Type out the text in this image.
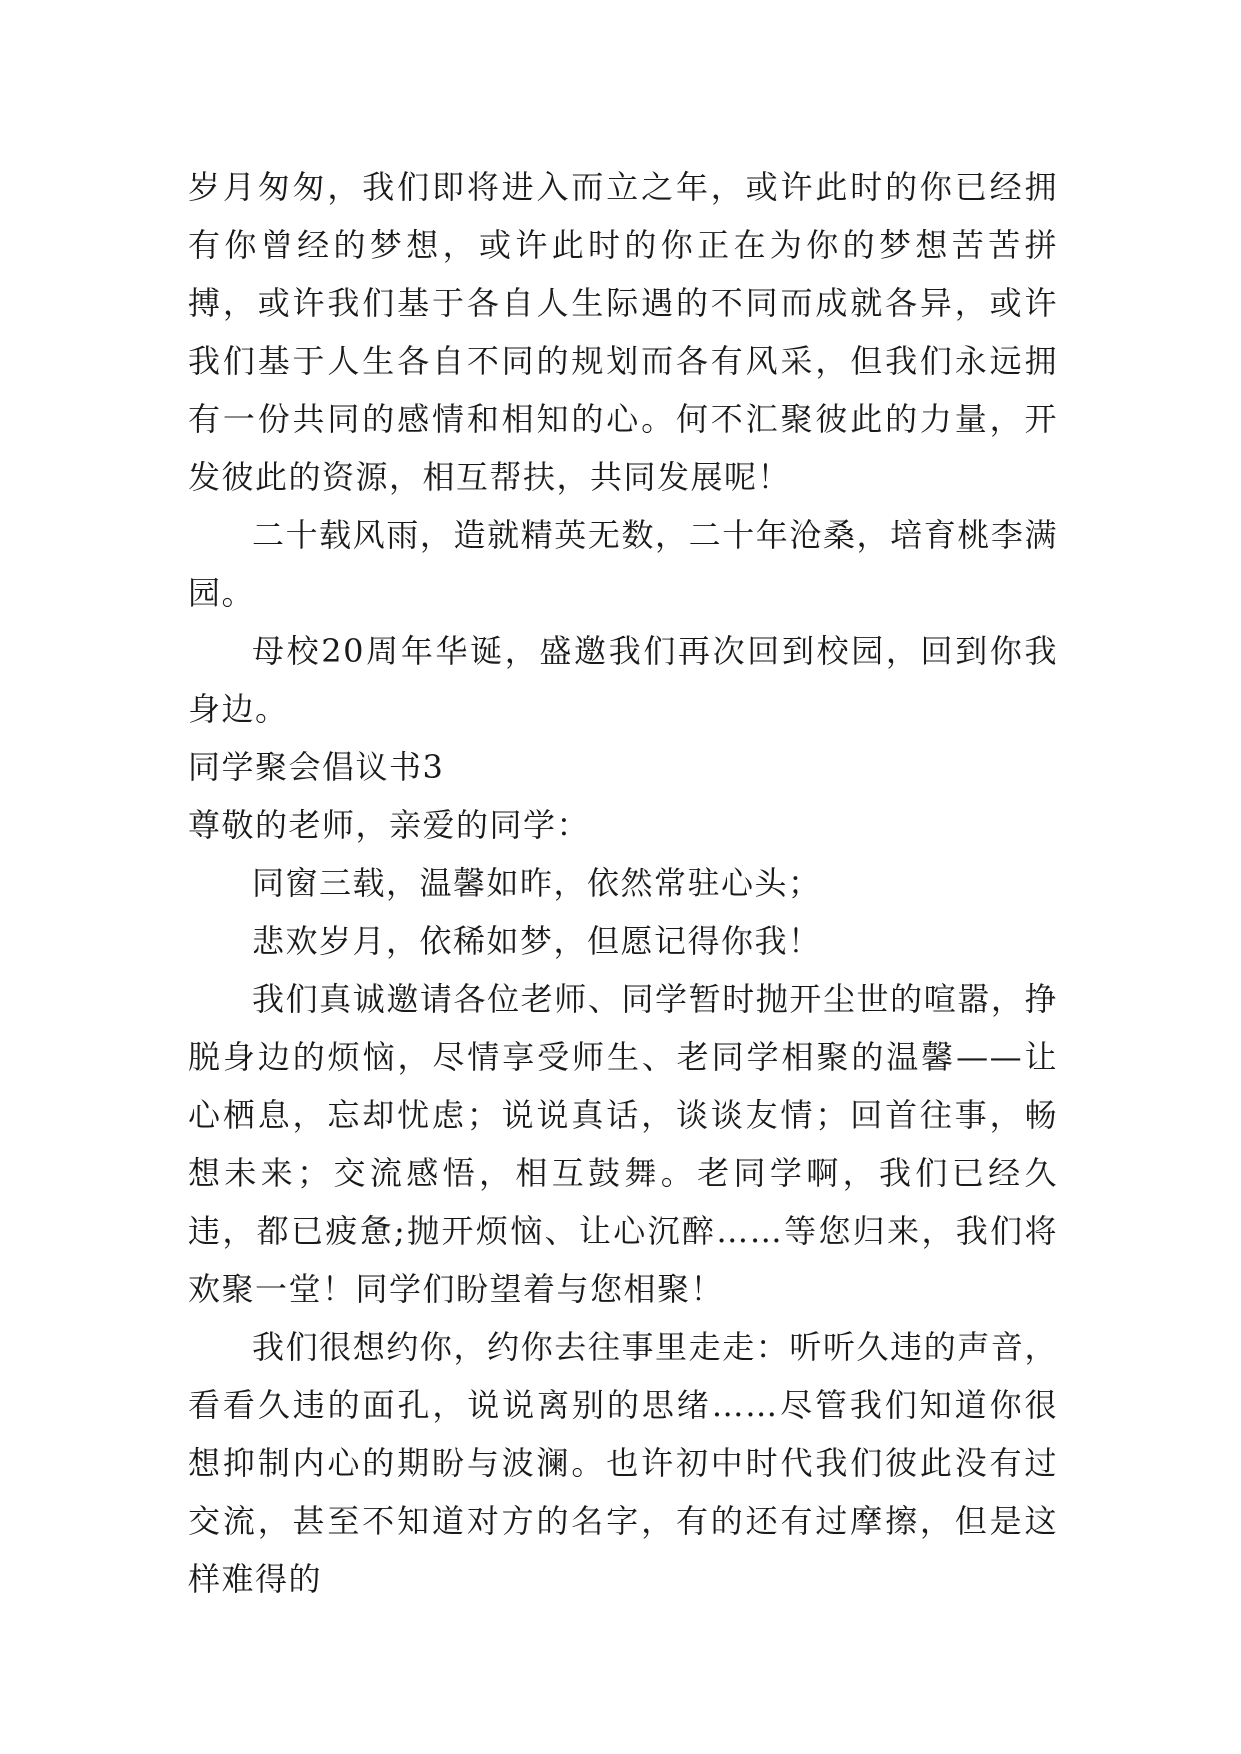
岁月匆匆，我们即将进入而立之年，或许此时的你已经拥有你曾经的梦想，或许此时的你正在为你的梦想苦苦拼搏，或许我们基于各自人生际遇的不同而成就各异，或许我们基于人生各自不同的规划而各有风采，但我们永远拥有一份共同的感情和相知的心。何不汇聚彼此的力量，开发彼此的资源，相互帮扶，共同发展呢！

二十载风雨，造就精英无数，二十年沧桑，培育桃李满园。

母校20周年华诞，盛邀我们再次回到校园，回到你我身边。

同学聚会倡议书3

尊敬的老师，亲爱的同学：

同窗三载，温馨如昨，依然常驻心头；

悲欢岁月，依稀如梦，但愿记得你我！

我们真诚邀请各位老师、同学暂时抛开尘世的喧嚣，挣脱身边的烦恼，尽情享受师生、老同学相聚的温馨——让心栖息，忘却忧虑；说说真话，谈谈友情；回首往事，畅想未来；交流感悟，相互鼓舞。老同学啊，我们已经久违，都已疲惫;抛开烦恼、让心沉醉……等您归来，我们将欢聚一堂！同学们盼望着与您相聚！

我们很想约你，约你去往事里走走：听听久违的声音，看看久违的面孔，说说离别的思绪……尽管我们知道你很想抑制内心的期盼与波澜。也许初中时代我们彼此没有过交流，甚至不知道对方的名字，有的还有过摩擦，但是这样难得的
